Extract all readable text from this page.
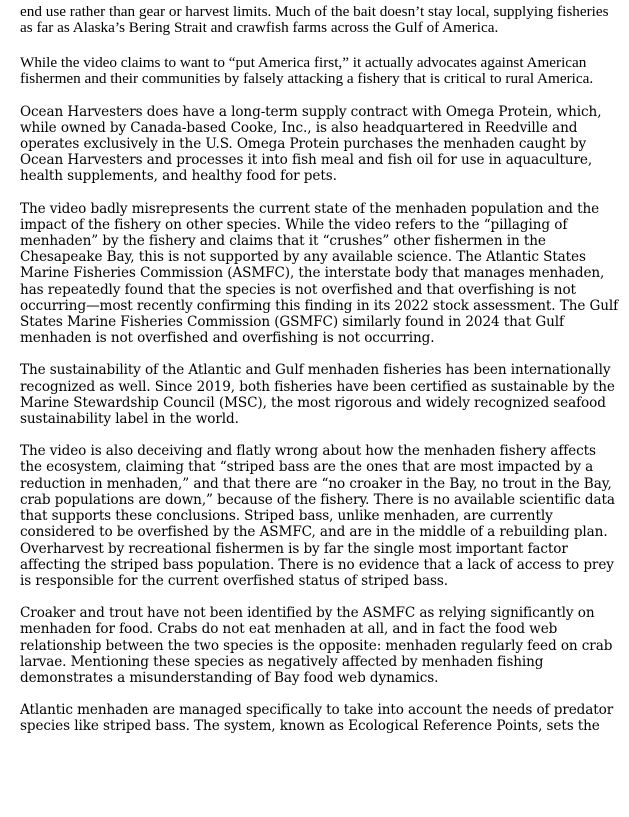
end use rather than gear or harvest limits. Much of the bait doesn’t stay local, supplying fisheries as far as Alaska’s Bering Strait and crawfish farms across the Gulf of America.

While the video claims to want to “put America first,” it actually advocates against American fishermen and their communities by falsely attacking a fishery that is critical to rural America.

Ocean Harvesters does have a long-term supply contract with Omega Protein, which, while owned by Canada-based Cooke, Inc., is also headquartered in Reedville and operates exclusively in the U.S. Omega Protein purchases the menhaden caught by Ocean Harvesters and processes it into fish meal and fish oil for use in aquaculture, health supplements, and healthy food for pets.

The video badly misrepresents the current state of the menhaden population and the impact of the fishery on other species. While the video refers to the “pillaging of menhaden” by the fishery and claims that it “crushes” other fishermen in the Chesapeake Bay, this is not supported by any available science. The Atlantic States Marine Fisheries Commission (ASMFC), the interstate body that manages menhaden, has repeatedly found that the species is not overfished and that overfishing is not occurring—most recently confirming this finding in its 2022 stock assessment. The Gulf States Marine Fisheries Commission (GSMFC) similarly found in 2024 that Gulf menhaden is not overfished and overfishing is not occurring.

The sustainability of the Atlantic and Gulf menhaden fisheries has been internationally recognized as well. Since 2019, both fisheries have been certified as sustainable by the Marine Stewardship Council (MSC), the most rigorous and widely recognized seafood sustainability label in the world.

The video is also deceiving and flatly wrong about how the menhaden fishery affects the ecosystem, claiming that “striped bass are the ones that are most impacted by a reduction in menhaden,” and that there are “no croaker in the Bay, no trout in the Bay, crab populations are down,” because of the fishery. There is no available scientific data that supports these conclusions. Striped bass, unlike menhaden, are currently considered to be overfished by the ASMFC, and are in the middle of a rebuilding plan. Overharvest by recreational fishermen is by far the single most important factor affecting the striped bass population. There is no evidence that a lack of access to prey is responsible for the current overfished status of striped bass.

Croaker and trout have not been identified by the ASMFC as relying significantly on menhaden for food. Crabs do not eat menhaden at all, and in fact the food web relationship between the two species is the opposite: menhaden regularly feed on crab larvae. Mentioning these species as negatively affected by menhaden fishing demonstrates a misunderstanding of Bay food web dynamics.

Atlantic menhaden are managed specifically to take into account the needs of predator species like striped bass. The system, known as Ecological Reference Points, sets the
